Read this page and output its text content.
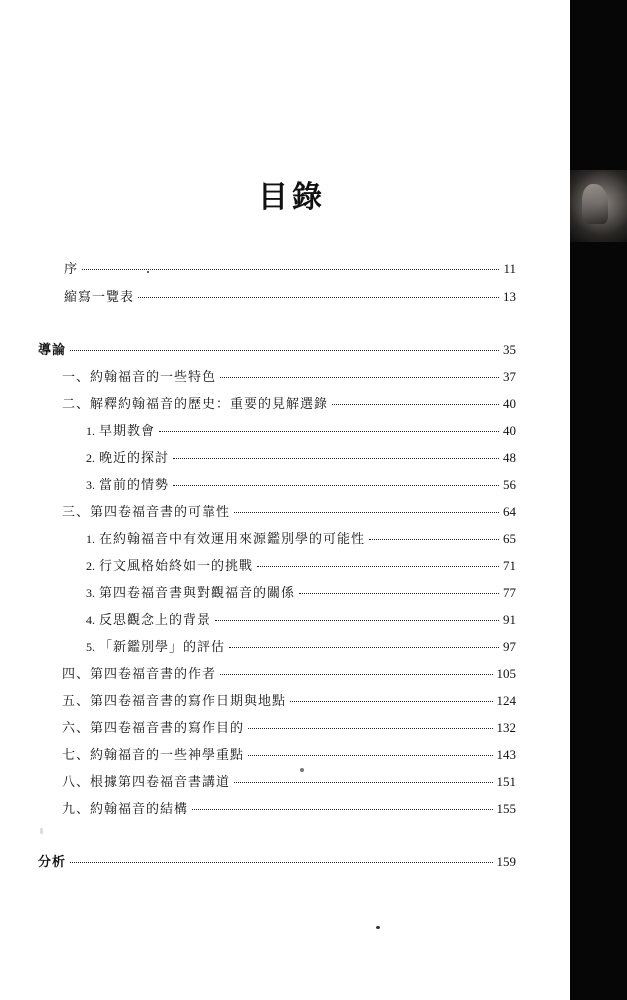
目錄
序	11
縮寫一覽表	13
導論	35
一、約翰福音的一些特色	37
二、解釋約翰福音的歷史：重要的見解選錄	40
1. 早期教會	40
2. 晚近的探討	48
3. 當前的情勢	56
三、第四卷福音書的可靠性	64
1. 在約翰福音中有效運用來源鑑別學的可能性	65
2. 行文風格始終如一的挑戰	71
3. 第四卷福音書與對觀福音的關係	77
4. 反思觀念上的背景	91
5. 「新鑑別學」的評估	97
四、第四卷福音書的作者	105
五、第四卷福音書的寫作日期與地點	124
六、第四卷福音書的寫作目的	132
七、約翰福音的一些神學重點	143
八、根據第四卷福音書講道	151
九、約翰福音的結構	155
分析	159
